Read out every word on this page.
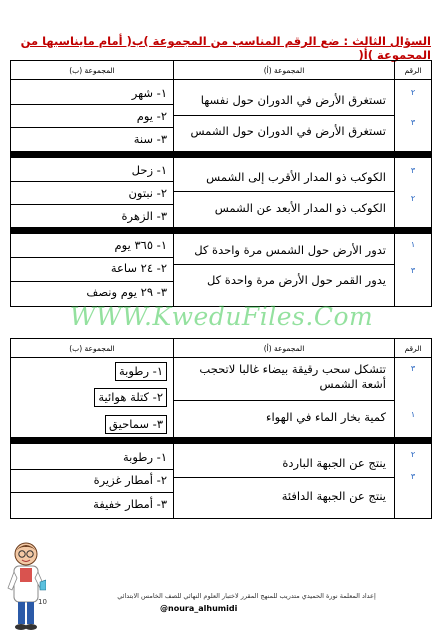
السؤال الثالث : ضع الرقم المناسب من المجموعة )ب( أمام مايناسبها من المجموعة )أ(
الرقم
المجموعة (أ)
المجموعة (ب)
٢
٣
تستغرق الأرض في الدوران حول نفسها
تستغرق الأرض في الدوران حول الشمس
١- شهر
٢- يوم
٣- سنة
٣
٢
الكوكب ذو المدار الأقرب إلى الشمس
الكوكب ذو المدار الأبعد عن الشمس
١- زحل
٢- نبتون
٣- الزهرة
١
٣
تدور الأرض حول الشمس مرة واحدة كل
يدور القمر حول الأرض مرة واحدة كل
١- ٣٦٥ يوم
٢- ٢٤ ساعة
٣- ٢٩ يوم ونصف
WWW.KweduFiles.Com
الرقم
المجموعة (أ)
المجموعة (ب)
٣
١
تتشكل سحب رقيقة بيضاء غالبا لاتحجب أشعة الشمس
كمية بخار الماء في الهواء
١- رطوبة
٢- كتلة هوائية
٣- سماحيق
٢
٣
ينتج عن الجبهة الباردة
ينتج عن الجبهة الدافئة
١- رطوبة
٢- أمطار غزيرة
٣- أمطار خفيفة
10
إعداد المعلمة نورة الحميدي متدريب للمنهج المقرر لاختبار العلوم النهائي للصف الخامس الابتدائي
@noura_alhumidi
